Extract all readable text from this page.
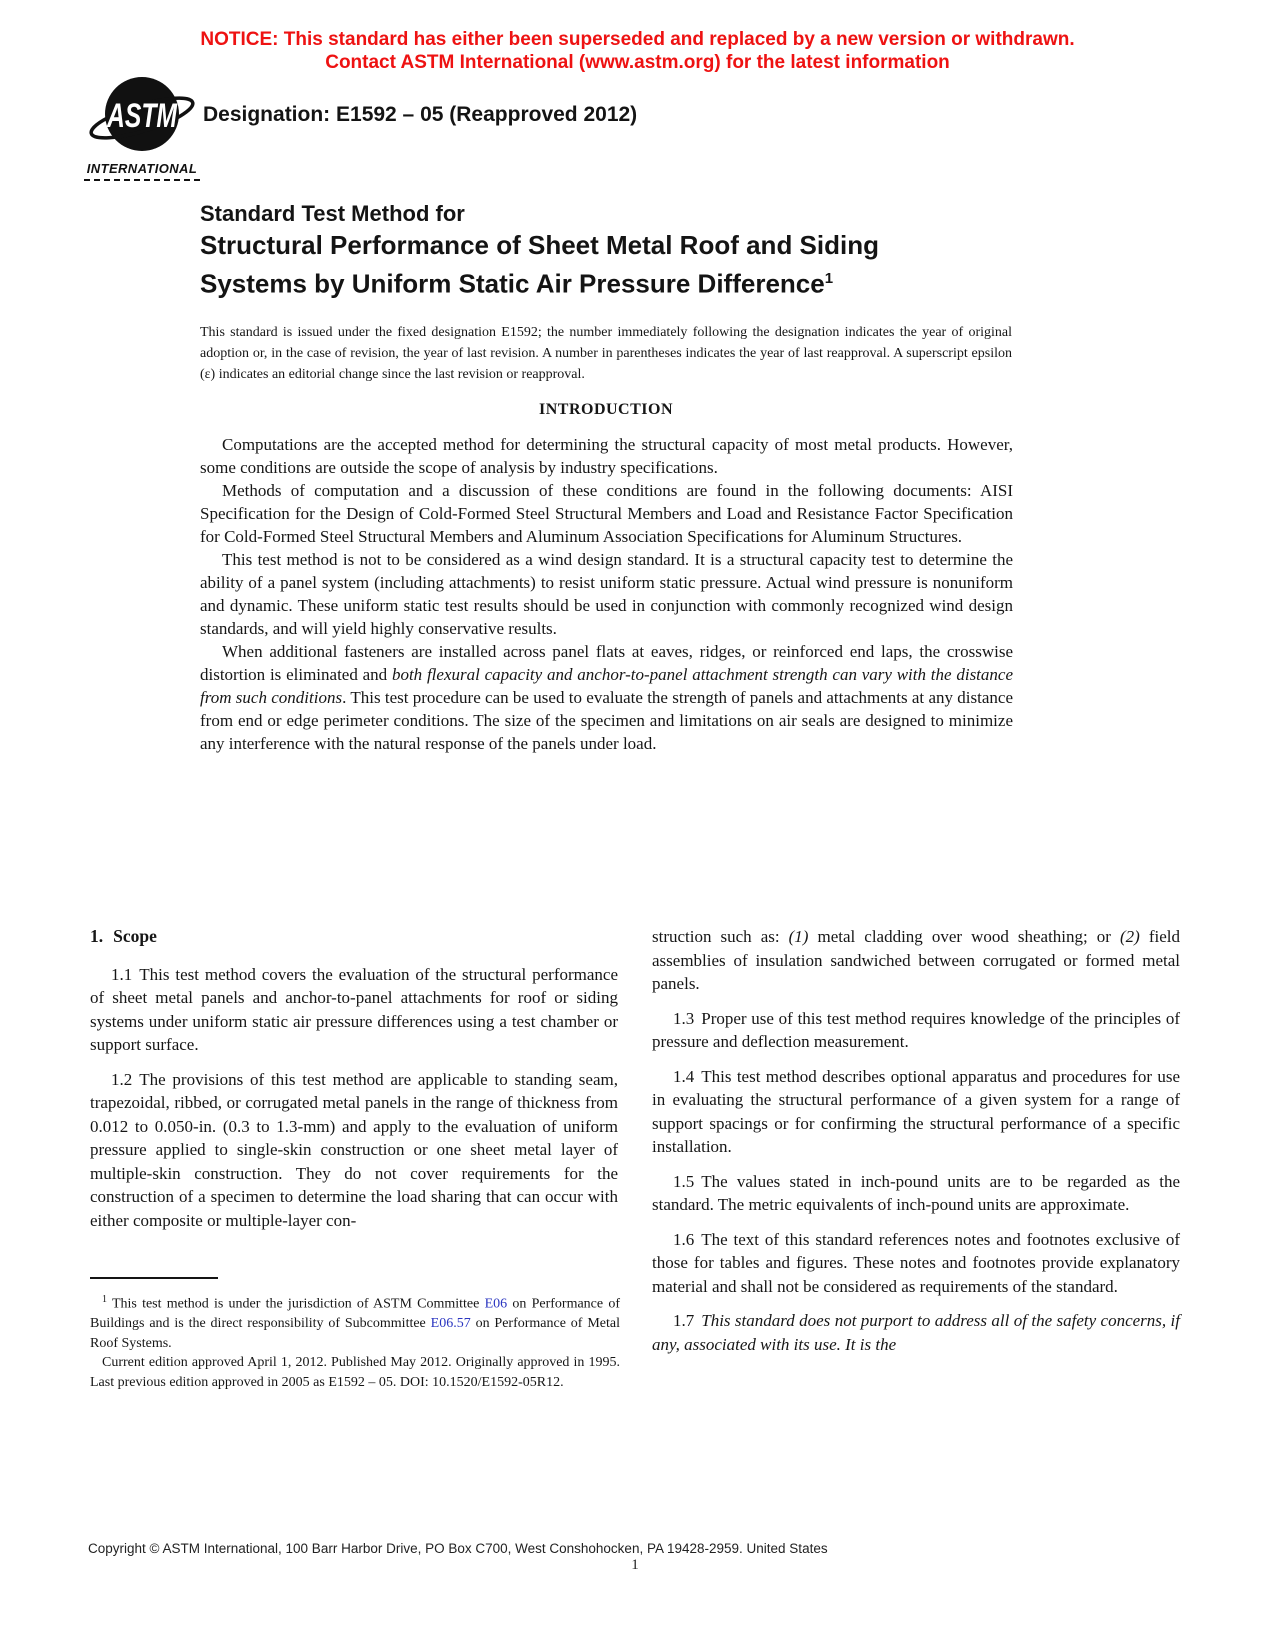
NOTICE: This standard has either been superseded and replaced by a new version or withdrawn.
Contact ASTM International (www.astm.org) for the latest information
ASTM
INTERNATIONAL
Designation: E1592 – 05 (Reapproved 2012)
Standard Test Method for
Structural Performance of Sheet Metal Roof and Siding
Systems by Uniform Static Air Pressure Difference$^1$
This standard is issued under the fixed designation E1592; the number immediately following the designation indicates the year of original adoption or, in the case of revision, the year of last revision. A number in parentheses indicates the year of last reapproval. A superscript epsilon (ε) indicates an editorial change since the last revision or reapproval.
INTRODUCTION

Computations are the accepted method for determining the structural capacity of most metal products. However, some conditions are outside the scope of analysis by industry specifications.

Methods of computation and a discussion of these conditions are found in the following documents: AISI Specification for the Design of Cold-Formed Steel Structural Members and Load and Resistance Factor Specification for Cold-Formed Steel Structural Members and Aluminum Association Specifications for Aluminum Structures.

This test method is not to be considered as a wind design standard. It is a structural capacity test to determine the ability of a panel system (including attachments) to resist uniform static pressure. Actual wind pressure is nonuniform and dynamic. These uniform static test results should be used in conjunction with commonly recognized wind design standards, and will yield highly conservative results.

When additional fasteners are installed across panel flats at eaves, ridges, or reinforced end laps, the crosswise distortion is eliminated and both flexural capacity and anchor-to-panel attachment strength can vary with the distance from such conditions. This test procedure can be used to evaluate the strength of panels and attachments at any distance from end or edge perimeter conditions. The size of the specimen and limitations on air seals are designed to minimize any interference with the natural response of the panels under load.

1. Scope

1.1 This test method covers the evaluation of the structural performance of sheet metal panels and anchor-to-panel attachments for roof or siding systems under uniform static air pressure differences using a test chamber or support surface.

1.2 The provisions of this test method are applicable to standing seam, trapezoidal, ribbed, or corrugated metal panels in the range of thickness from 0.012 to 0.050-in. (0.3 to 1.3-mm) and apply to the evaluation of uniform pressure applied to single-skin construction or one sheet metal layer of multiple-skin construction. They do not cover requirements for the construction of a specimen to determine the load sharing that can occur with either composite or multiple-layer con-

struction such as: (1) metal cladding over wood sheathing; or (2) field assemblies of insulation sandwiched between corrugated or formed metal panels.

1.3 Proper use of this test method requires knowledge of the principles of pressure and deflection measurement.

1.4 This test method describes optional apparatus and procedures for use in evaluating the structural performance of a given system for a range of support spacings or for confirming the structural performance of a specific installation.

1.5 The values stated in inch-pound units are to be regarded as the standard. The metric equivalents of inch-pound units are approximate.

1.6 The text of this standard references notes and footnotes exclusive of those for tables and figures. These notes and footnotes provide explanatory material and shall not be considered as requirements of the standard.

1.7 This standard does not purport to address all of the safety concerns, if any, associated with its use. It is the

$^1$ This test method is under the jurisdiction of ASTM Committee E06 on Performance of Buildings and is the direct responsibility of Subcommittee E06.57 on Performance of Metal Roof Systems.

Current edition approved April 1, 2012. Published May 2012. Originally approved in 1995. Last previous edition approved in 2005 as E1592 – 05. DOI: 10.1520/E1592-05R12.

Copyright © ASTM International, 100 Barr Harbor Drive, PO Box C700, West Conshohocken, PA 19428-2959. United States
1
